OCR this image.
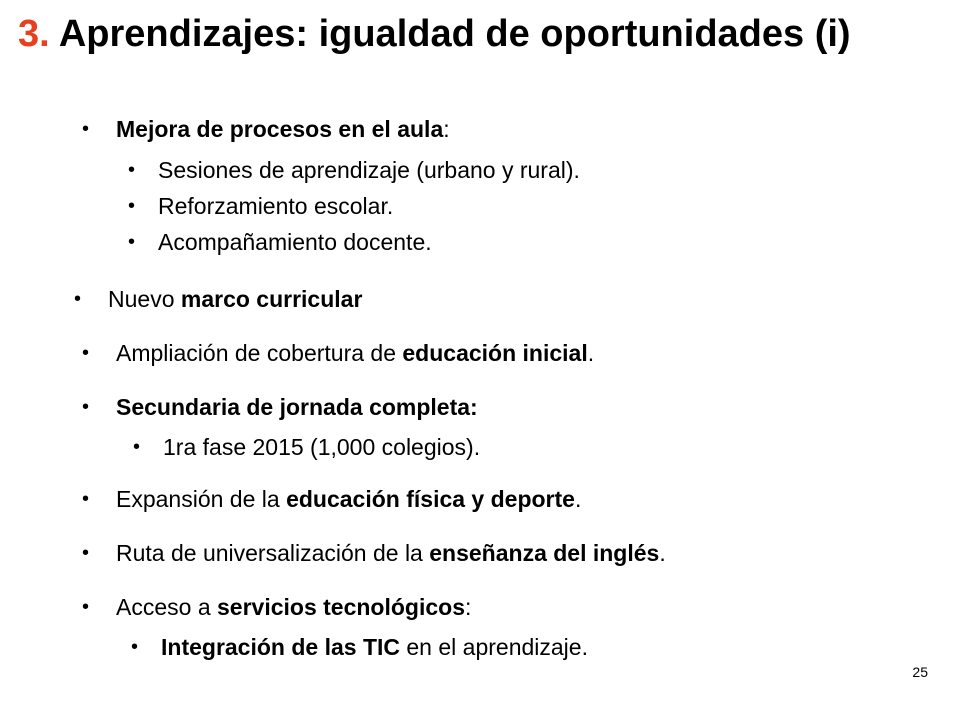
3. Aprendizajes: igualdad de oportunidades (i)
• Mejora de procesos en el aula:
• Sesiones de aprendizaje (urbano y rural).
• Reforzamiento escolar.
• Acompañamiento docente.
• Nuevo marco curricular
• Ampliación de cobertura de educación inicial.
• Secundaria de jornada completa:
• 1ra fase 2015 (1,000 colegios).
• Expansión de la educación física y deporte.
• Ruta de universalización de la enseñanza del inglés.
• Acceso a servicios tecnológicos:
• Integración de las TIC en el aprendizaje.
25
